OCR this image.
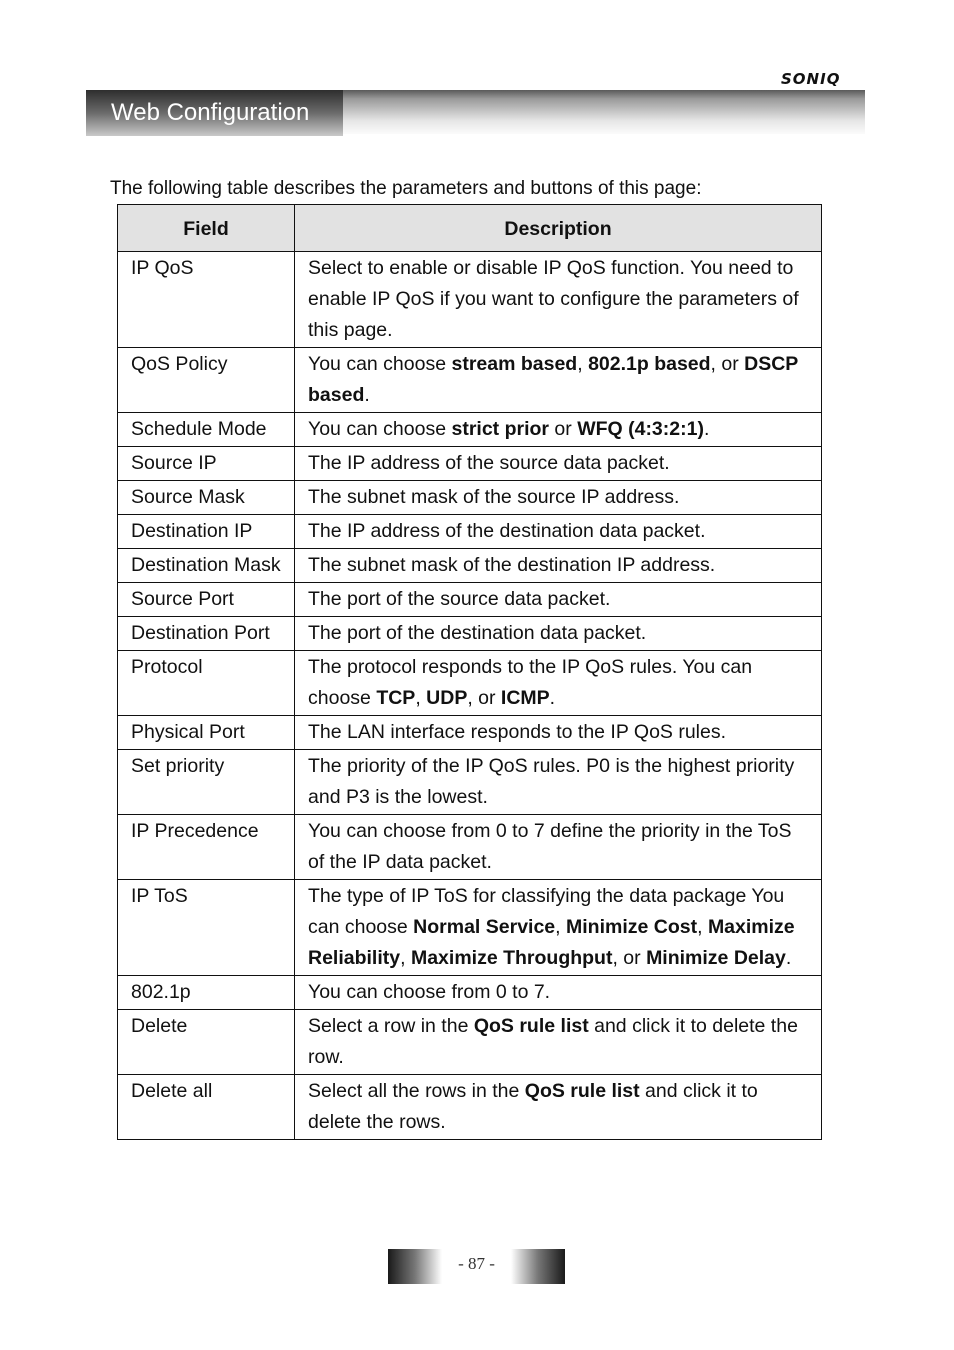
SONIQ
Web Configuration
The following table describes the parameters and buttons of this page:
Field	Description
IP QoS	Select to enable or disable IP QoS function. You need to enable IP QoS if you want to configure the parameters of this page.
QoS Policy	You can choose stream based, 802.1p based, or DSCP based.
Schedule Mode	You can choose strict prior or WFQ (4:3:2:1).
Source IP	The IP address of the source data packet.
Source Mask	The subnet mask of the source IP address.
Destination IP	The IP address of the destination data packet.
Destination Mask	The subnet mask of the destination IP address.
Source Port	The port of the source data packet.
Destination Port	The port of the destination data packet.
Protocol	The protocol responds to the IP QoS rules. You can choose TCP, UDP, or ICMP.
Physical Port	The LAN interface responds to the IP QoS rules.
Set priority	The priority of the IP QoS rules. P0 is the highest priority and P3 is the lowest.
IP Precedence	You can choose from 0 to 7 define the priority in the ToS of the IP data packet.
IP ToS	The type of IP ToS for classifying the data package You can choose Normal Service, Minimize Cost, Maximize Reliability, Maximize Throughput, or Minimize Delay.
802.1p	You can choose from 0 to 7.
Delete	Select a row in the QoS rule list and click it to delete the row.
Delete all	Select all the rows in the QoS rule list and click it to delete the rows.
- 87 -
